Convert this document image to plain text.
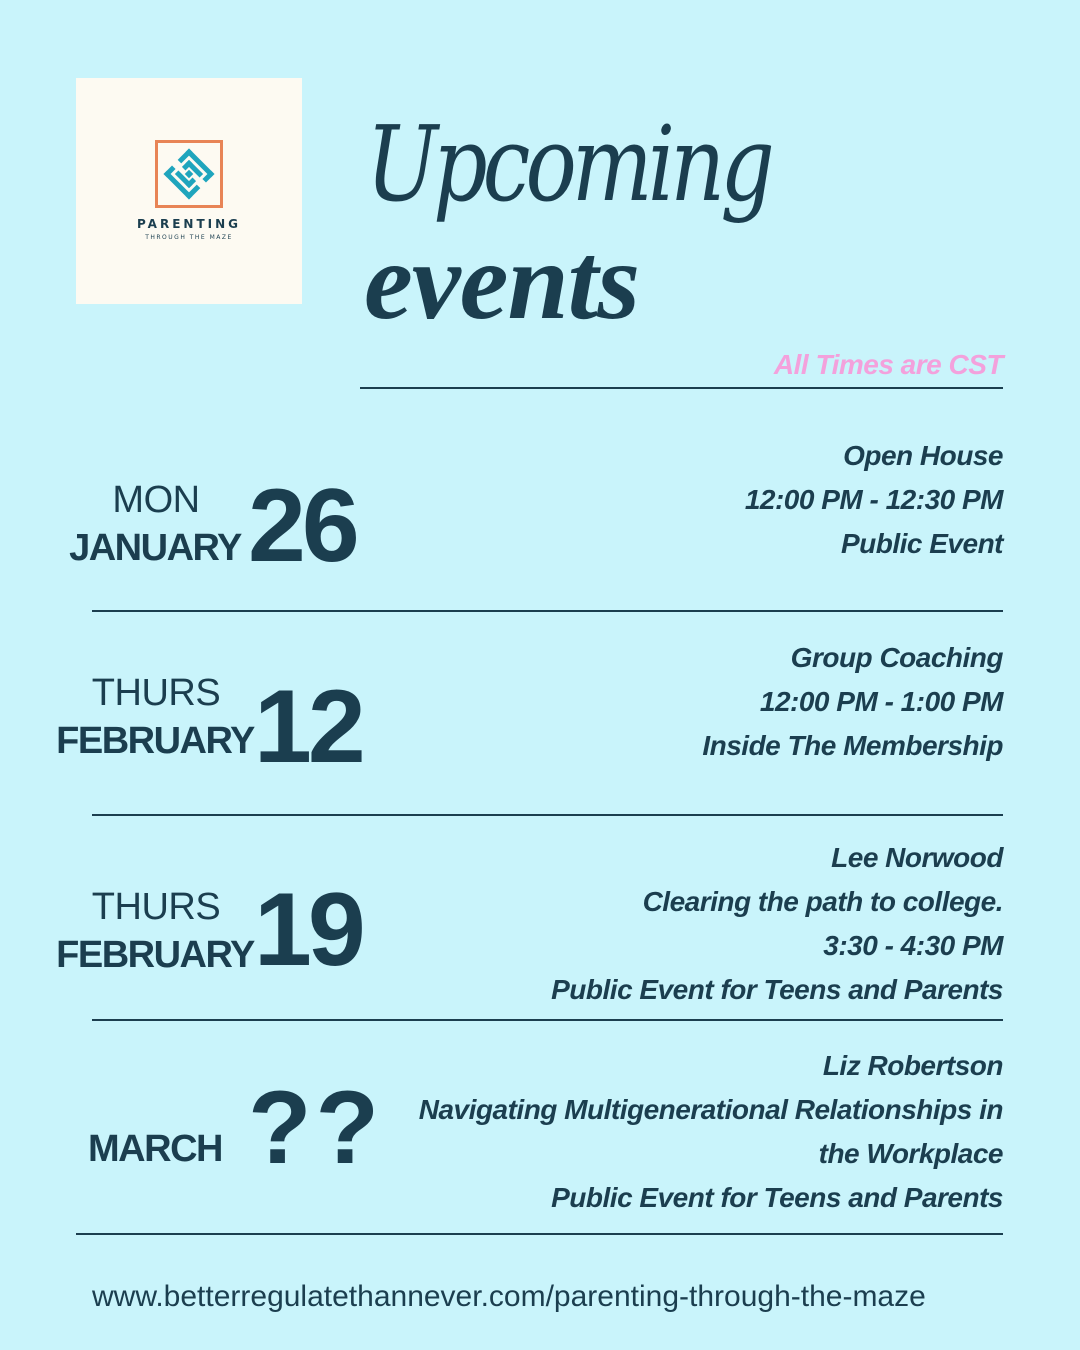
PARENTING
THROUGH THE MAZE
Upcoming
events
All Times are CST
MON
JANUARY 26
Open House
12:00 PM - 12:30 PM
Public Event
THURS
FEBRUARY 12
Group Coaching
12:00 PM - 1:00 PM
Inside The Membership
THURS
FEBRUARY 19
Lee Norwood
Clearing the path to college.
3:30 - 4:30 PM
Public Event for Teens and Parents
MARCH ??
Liz Robertson
Navigating Multigenerational Relationships in
the Workplace
Public Event for Teens and Parents
www.betterregulatethannever.com/parenting-through-the-maze
